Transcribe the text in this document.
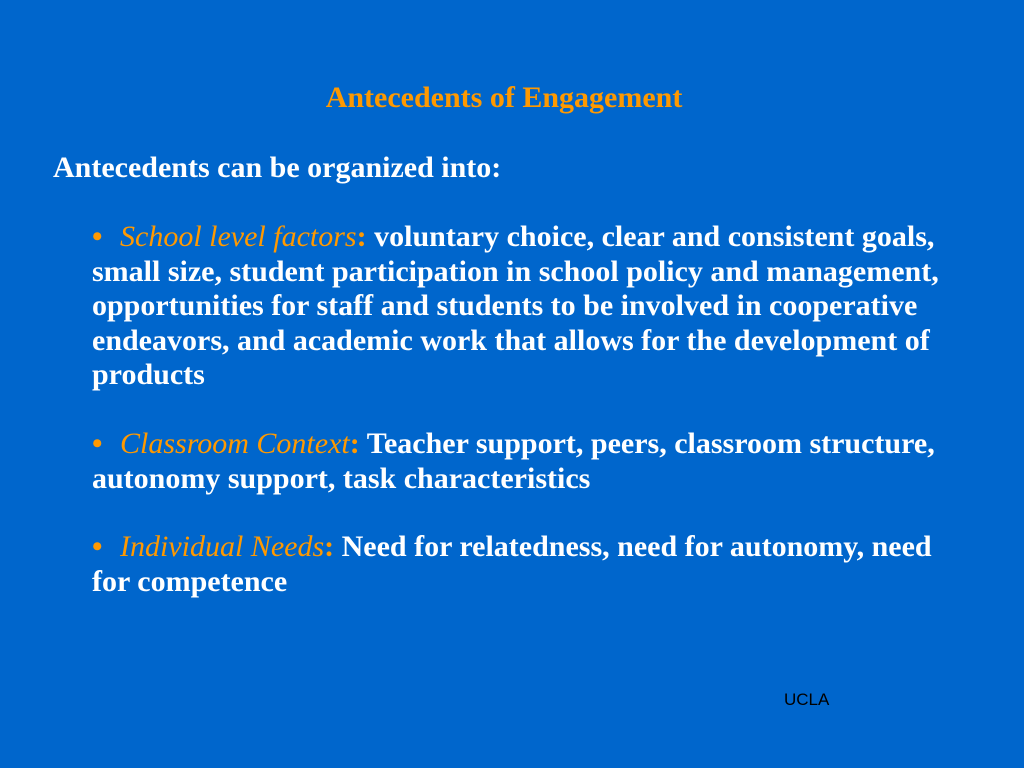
Antecedents of Engagement

Antecedents can be organized into:

• School level factors: voluntary choice, clear and consistent goals, small size, student participation in school policy and management, opportunities for staff and students to be involved in cooperative endeavors, and academic work that allows for the development of products
• Classroom Context: Teacher support, peers, classroom structure, autonomy support, task characteristics
• Individual Needs: Need for relatedness, need for autonomy, need for competence
UCLA
